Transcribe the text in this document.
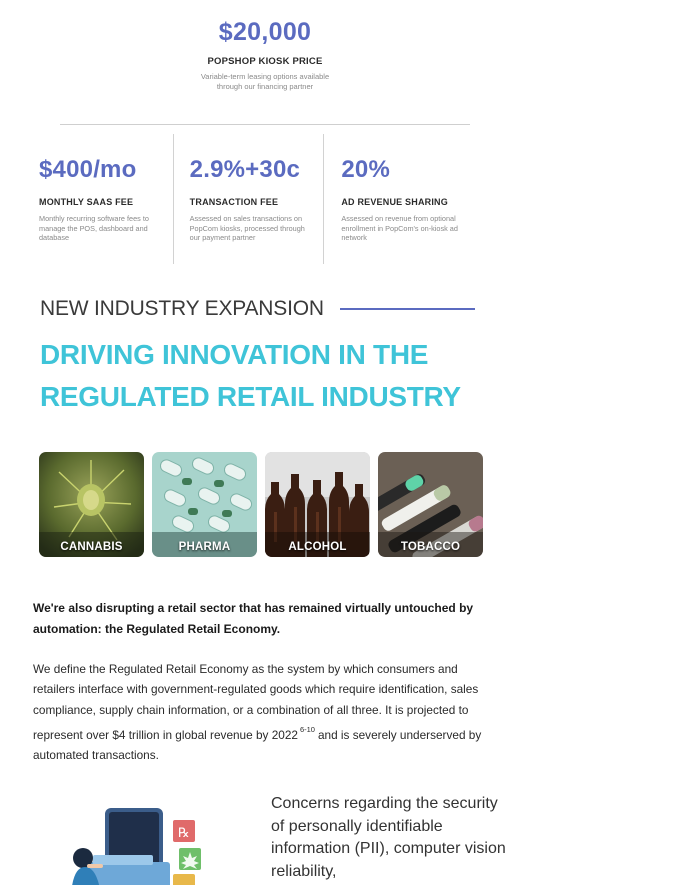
$20,000
POPSHOP KIOSK PRICE
Variable-term leasing options available through our financing partner
$400/mo
MONTHLY SAAS FEE
Monthly recurring software fees to manage the POS, dashboard and database
2.9%+30c
TRANSACTION FEE
Assessed on sales transactions on PopCom kiosks, processed through our payment partner
20%
AD REVENUE SHARING
Assessed on revenue from optional enrollment in PopCom's on-kiosk ad network
NEW INDUSTRY EXPANSION
DRIVING INNOVATION IN THE
REGULATED RETAIL INDUSTRY
CANNABIS	PHARMA	ALCOHOL	TOBACCO
We're also disrupting a retail sector that has remained virtually untouched by automation: the Regulated Retail Economy.
We define the Regulated Retail Economy as the system by which consumers and retailers interface with government-regulated goods which require identification, sales compliance, supply chain information, or a combination of all three. It is projected to represent over $4 trillion in global revenue by 2022 $^{6-10}$ and is severely underserved by automated transactions.
℞
Concerns regarding the security of personally identifiable information (PII), computer vision reliability,
